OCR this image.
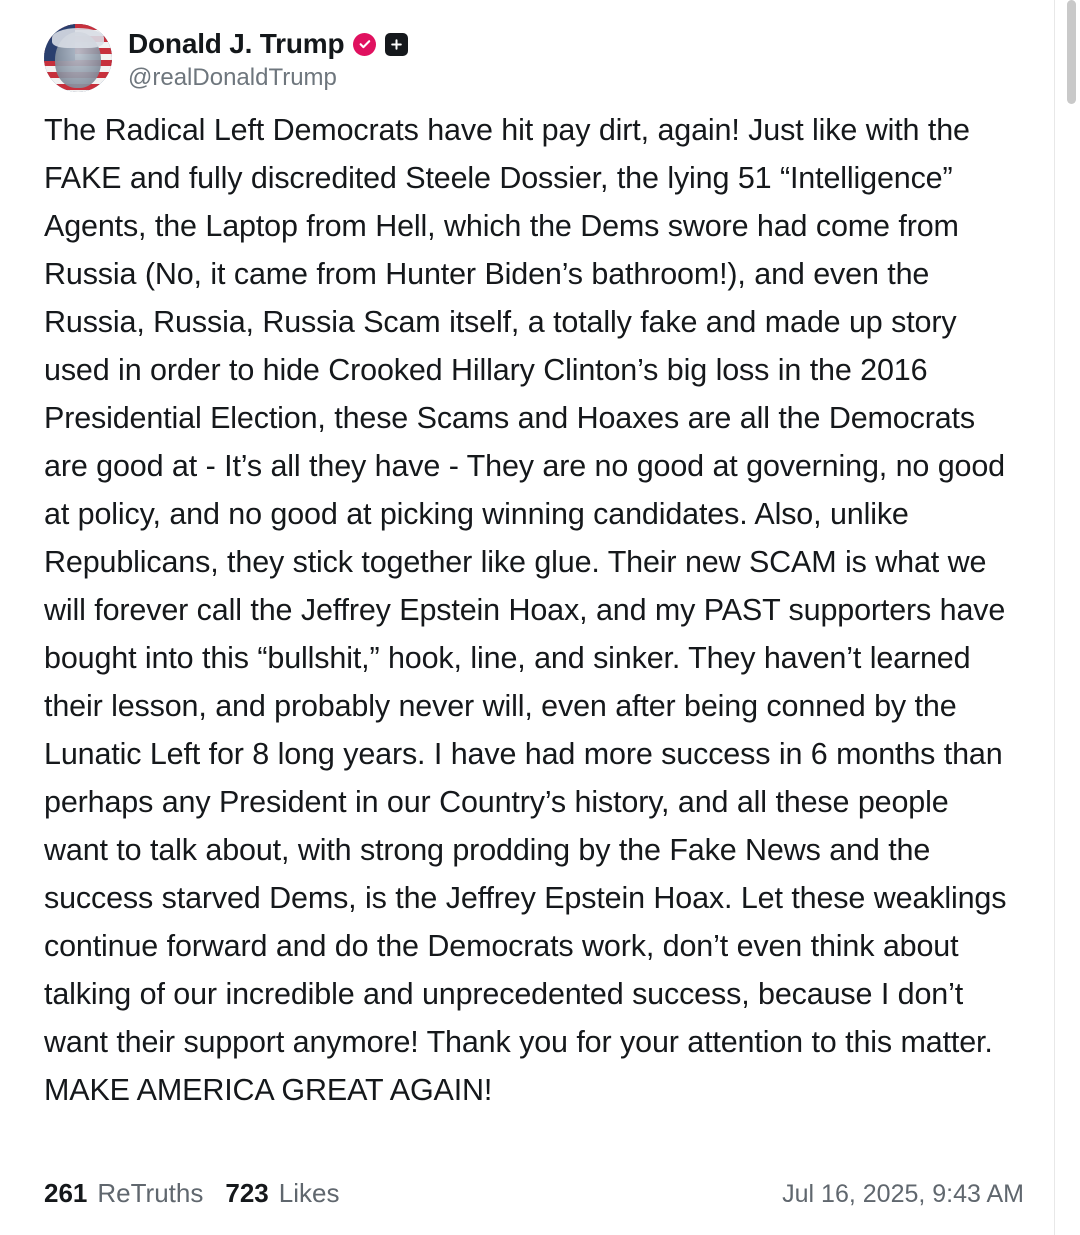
Donald J. Trump
@realDonaldTrump
The Radical Left Democrats have hit pay dirt, again! Just like with the FAKE and fully discredited Steele Dossier, the lying 51 “Intelligence” Agents, the Laptop from Hell, which the Dems swore had come from Russia (No, it came from Hunter Biden’s bathroom!), and even the Russia, Russia, Russia Scam itself, a totally fake and made up story used in order to hide Crooked Hillary Clinton’s big loss in the 2016 Presidential Election, these Scams and Hoaxes are all the Democrats are good at - It’s all they have - They are no good at governing, no good at policy, and no good at picking winning candidates. Also, unlike Republicans, they stick together like glue. Their new SCAM is what we will forever call the Jeffrey Epstein Hoax, and my PAST supporters have bought into this “bullshit,” hook, line, and sinker. They haven’t learned their lesson, and probably never will, even after being conned by the Lunatic Left for 8 long years. I have had more success in 6 months than perhaps any President in our Country’s history, and all these people want to talk about, with strong prodding by the Fake News and the success starved Dems, is the Jeffrey Epstein Hoax. Let these weaklings continue forward and do the Democrats work, don’t even think about talking of our incredible and unprecedented success, because I don’t want their support anymore! Thank you for your attention to this matter. MAKE AMERICA GREAT AGAIN!
261 ReTruths 723 Likes	Jul 16, 2025, 9:43 AM
